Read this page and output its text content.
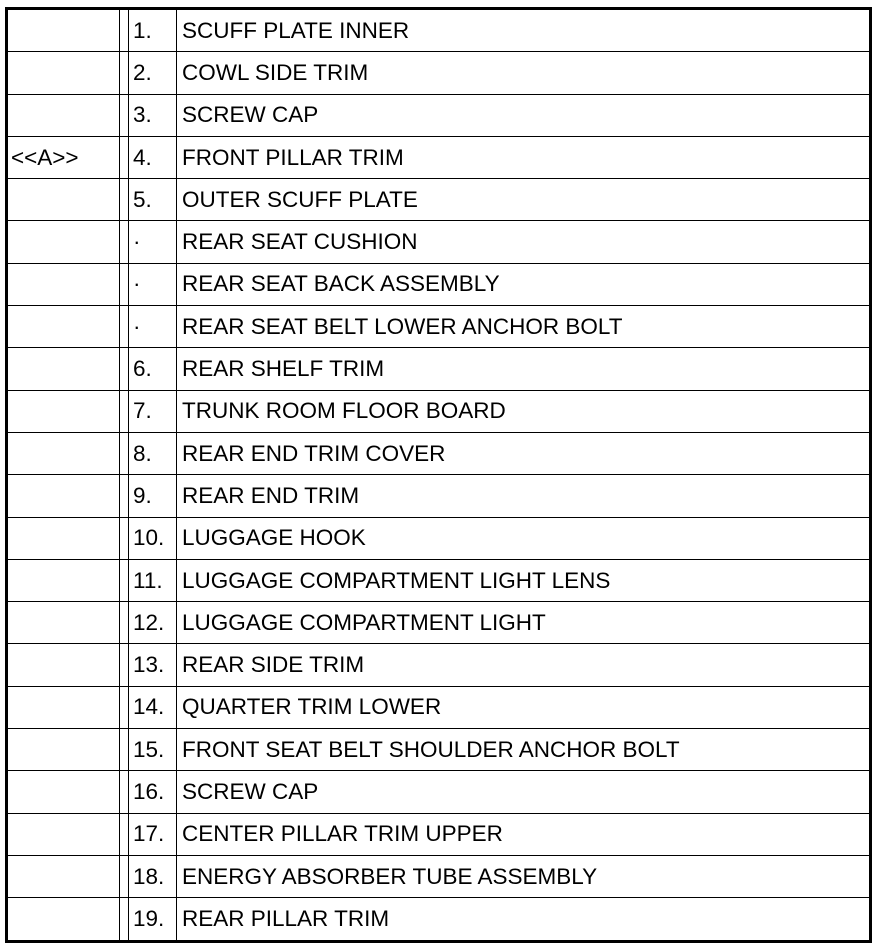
		1.	SCUFF PLATE INNER
		2.	COWL SIDE TRIM
		3.	SCREW CAP
<<A>>		4.	FRONT PILLAR TRIM
		5.	OUTER SCUFF PLATE
		·	REAR SEAT CUSHION
		·	REAR SEAT BACK ASSEMBLY
		·	REAR SEAT BELT LOWER ANCHOR BOLT
		6.	REAR SHELF TRIM
		7.	TRUNK ROOM FLOOR BOARD
		8.	REAR END TRIM COVER
		9.	REAR END TRIM
		10.	LUGGAGE HOOK
		11.	LUGGAGE COMPARTMENT LIGHT LENS
		12.	LUGGAGE COMPARTMENT LIGHT
		13.	REAR SIDE TRIM
		14.	QUARTER TRIM LOWER
		15.	FRONT SEAT BELT SHOULDER ANCHOR BOLT
		16.	SCREW CAP
		17.	CENTER PILLAR TRIM UPPER
		18.	ENERGY ABSORBER TUBE ASSEMBLY
		19.	REAR PILLAR TRIM
